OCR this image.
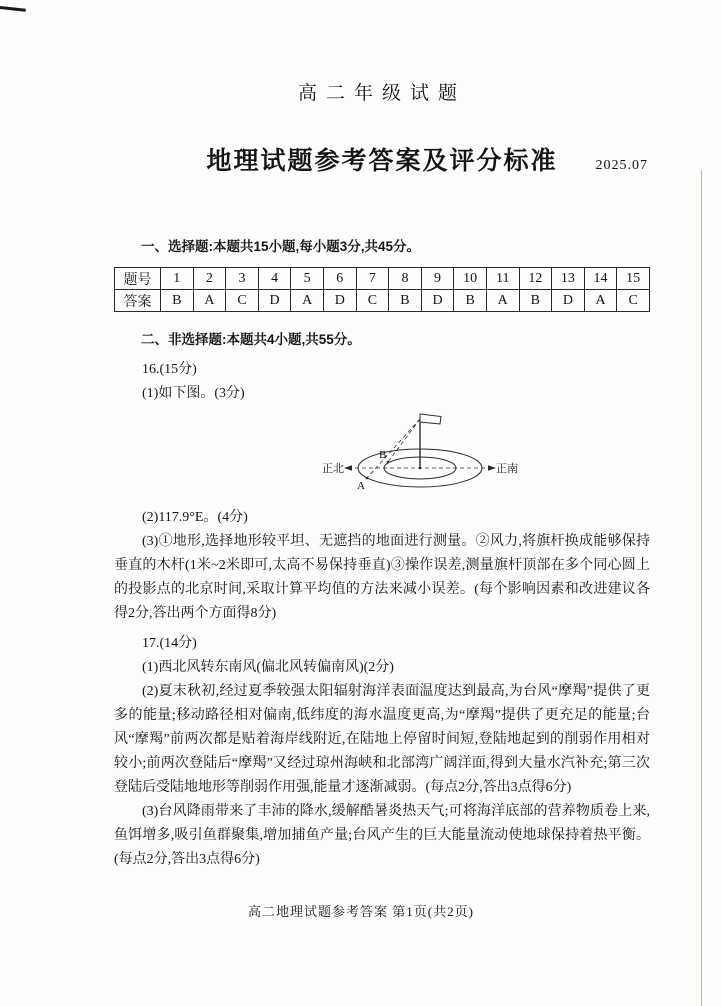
高二年级试题
地理试题参考答案及评分标准	2025.07

一、选择题:本题共15小题,每小题3分,共45分。

题号	1	2	3	4	5	6	7	8	9	10	11	12	13	14	15
答案	B	A	C	D	A	D	C	B	D	B	A	B	D	A	C

二、非选择题:本题共4小题,共55分。

16.(15分)

(1)如下图。(3分)

B
A
正北	正南

(2)117.9°E。(4分)

(3)①地形,选择地形较平坦、无遮挡的地面进行测量。②风力,将旗杆换成能够保持垂直的木杆(1米~2米即可,太高不易保持垂直)③操作误差,测量旗杆顶部在多个同心圆上的投影点的北京时间,采取计算平均值的方法来减小误差。(每个影响因素和改进建议各得2分,答出两个方面得8分)

17.(14分)

(1)西北风转东南风(偏北风转偏南风)(2分)

(2)夏末秋初,经过夏季较强太阳辐射海洋表面温度达到最高,为台风“摩羯”提供了更多的能量;移动路径相对偏南,低纬度的海水温度更高,为“摩羯”提供了更充足的能量;台风“摩羯”前两次都是贴着海岸线附近,在陆地上停留时间短,登陆地起到的削弱作用相对较小;前两次登陆后“摩羯”又经过琼州海峡和北部湾广阔洋面,得到大量水汽补充;第三次登陆后受陆地地形等削弱作用强,能量才逐渐减弱。(每点2分,答出3点得6分)

(3)台风降雨带来了丰沛的降水,缓解酷暑炎热天气;可将海洋底部的营养物质卷上来,鱼饵增多,吸引鱼群聚集,增加捕鱼产量;台风产生的巨大能量流动使地球保持着热平衡。(每点2分,答出3点得6分)

高二地理试题参考答案 第1页(共2页)
